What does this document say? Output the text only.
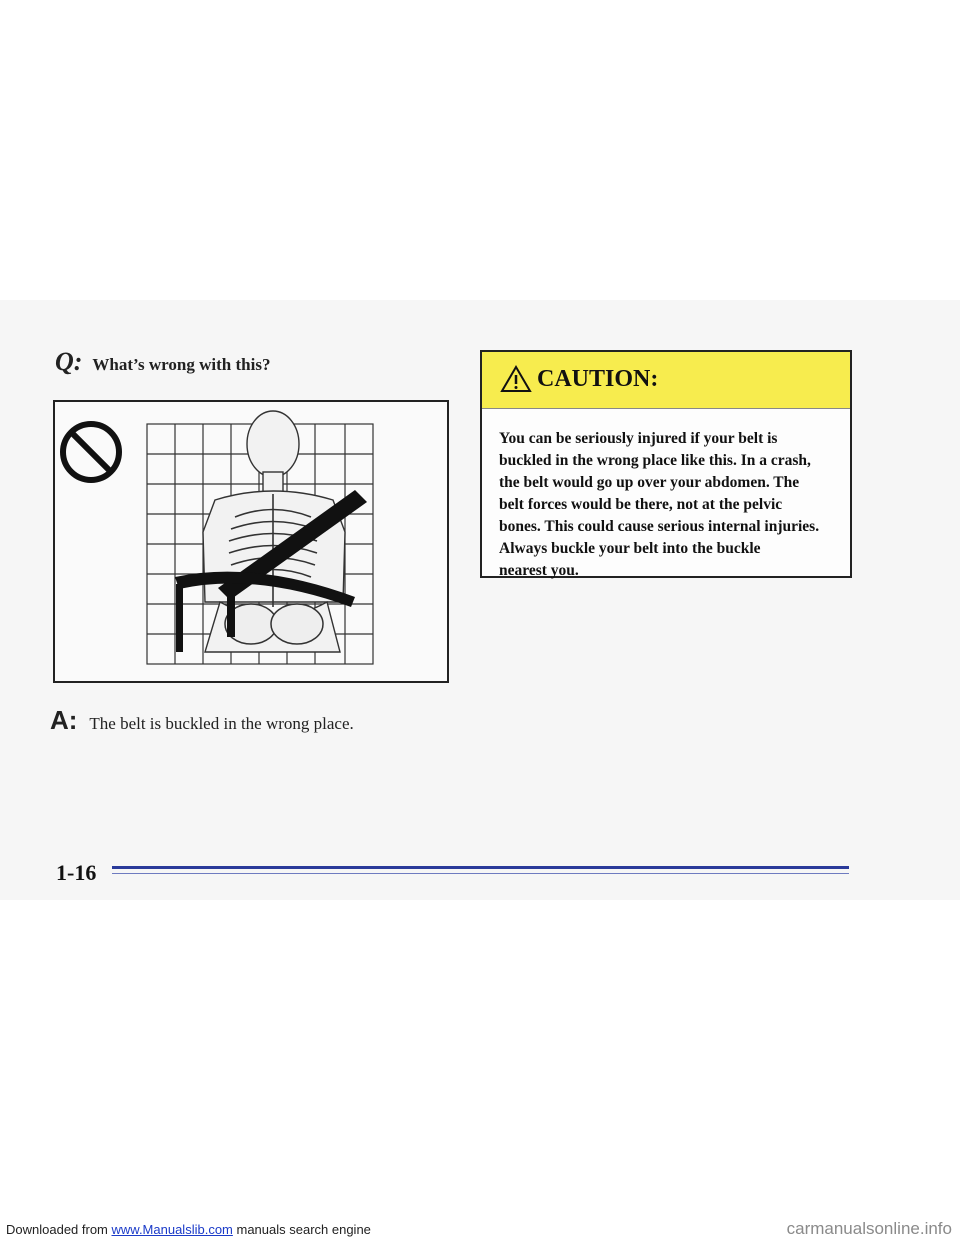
Q: What’s wrong with this?
A: The belt is buckled in the wrong place.
CAUTION:
You can be seriously injured if your belt is
buckled in the wrong place like this. In a crash,
the belt would go up over your abdomen. The
belt forces would be there, not at the pelvic
bones. This could cause serious internal injuries.
Always buckle your belt into the buckle
nearest you.
1-16
Downloaded from www.Manualslib.com manuals search engine	carmanualsonline.info
